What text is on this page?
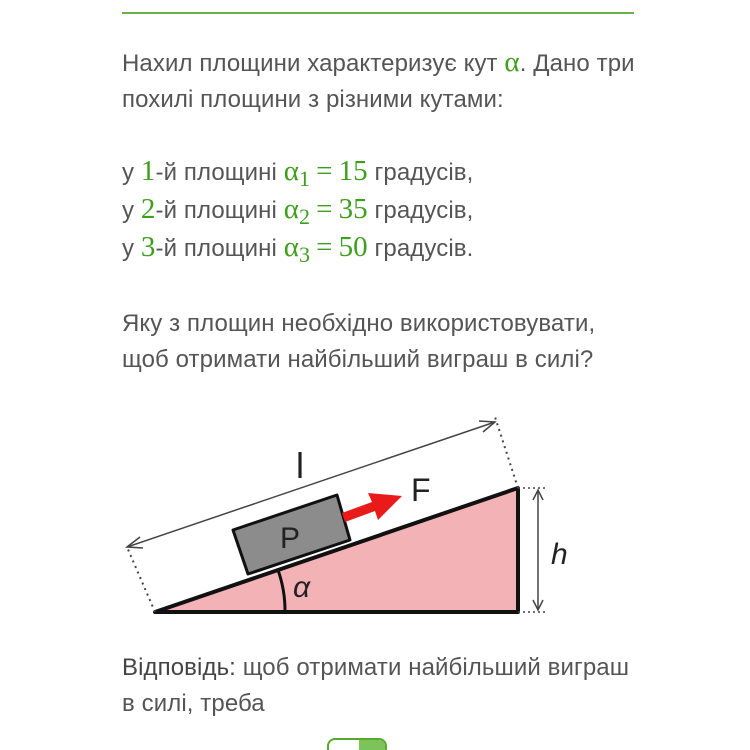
Нахил площини характеризує кут α. Дано три похилі площини з різними кутами:
у 1-й площині $\alpha_1 = 15$ градусів,
у 2-й площині $\alpha_2 = 35$ градусів,
у 3-й площині $\alpha_3 = 50$ градусів.
Яку з площин необхідно використовувати, щоб отримати найбільший виграш в силі?
α
l
h
P
F
Відповідь: щоб отримати найбільший виграш в силі, треба
